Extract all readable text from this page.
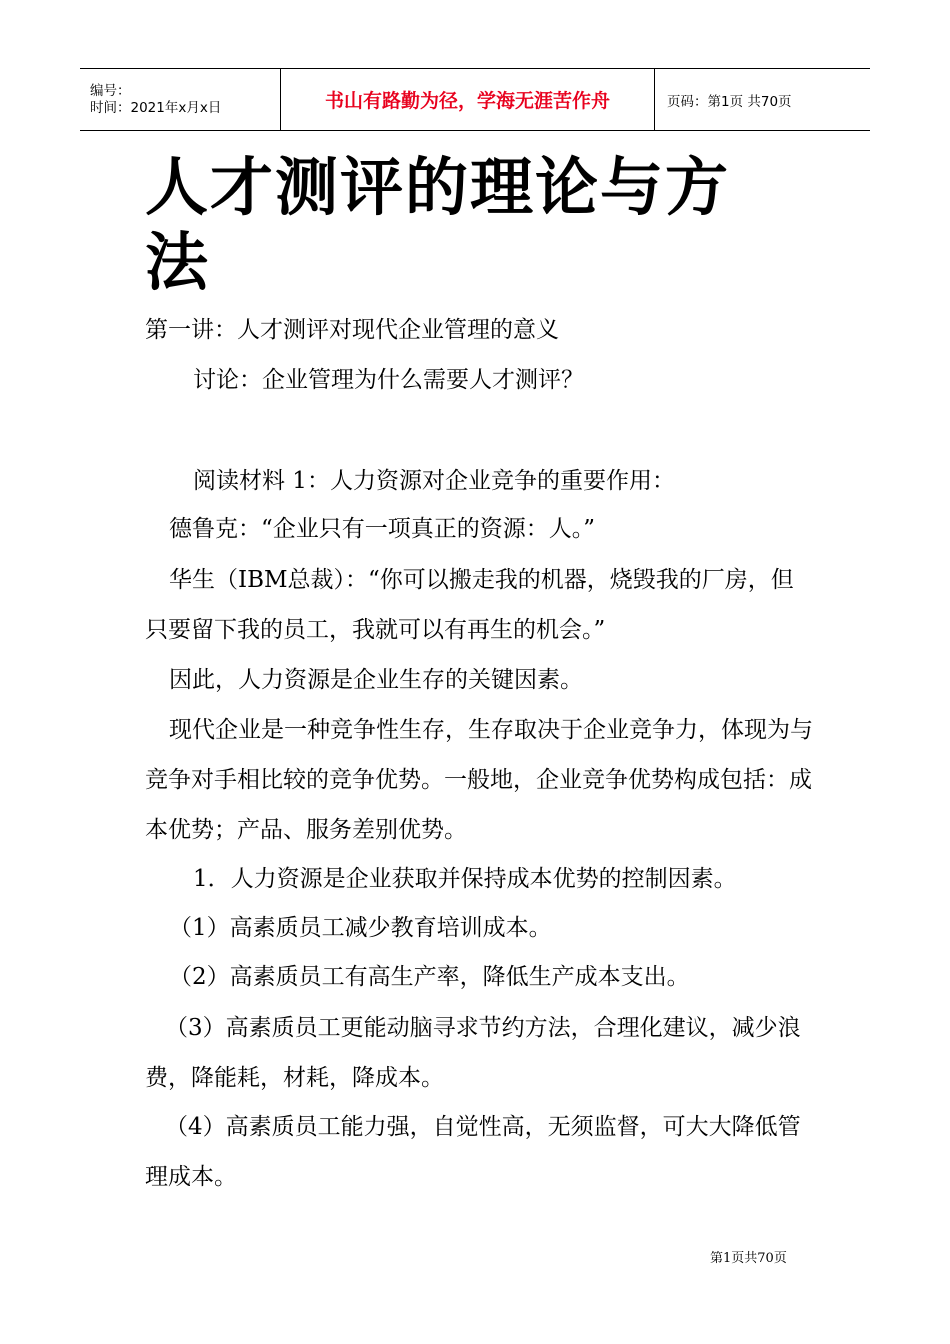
编号：
时间：2021年x月x日	书山有路勤为径，学海无涯苦作舟	页码：第1页 共70页
人才测评的理论与方法

第一讲：人才测评对现代企业管理的意义

讨论：企业管理为什么需要人才测评？

阅读材料 1：人力资源对企业竞争的重要作用：

德鲁克：“企业只有一项真正的资源：人。”

华生（IBM总裁）：“你可以搬走我的机器，烧毁我的厂房，但只要留下我的员工，我就可以有再生的机会。”

因此，人力资源是企业生存的关键因素。

现代企业是一种竞争性生存，生存取决于企业竞争力，体现为与竞争对手相比较的竞争优势。一般地，企业竞争优势构成包括：成本优势；产品、服务差别优势。

1．人力资源是企业获取并保持成本优势的控制因素。

（1）高素质员工减少教育培训成本。

（2）高素质员工有高生产率，降低生产成本支出。

（3）高素质员工更能动脑寻求节约方法，合理化建议，减少浪费，降能耗，材耗，降成本。

（4）高素质员工能力强，自觉性高，无须监督，可大大降低管理成本。

第1页共70页
